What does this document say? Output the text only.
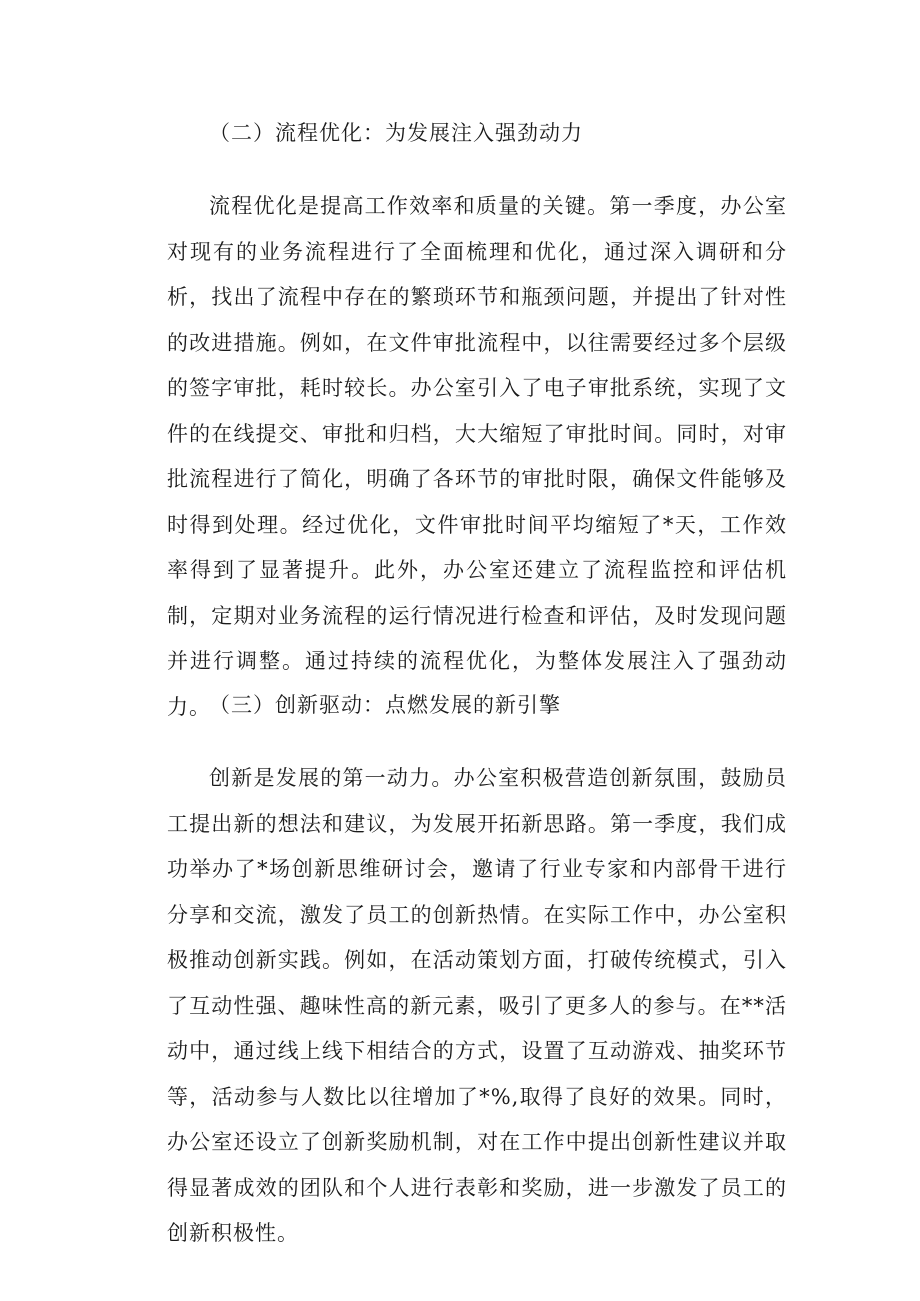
（二）流程优化：为发展注入强劲动力

流程优化是提高工作效率和质量的关键。第一季度，办公室对现有的业务流程进行了全面梳理和优化，通过深入调研和分析，找出了流程中存在的繁琐环节和瓶颈问题，并提出了针对性的改进措施。例如，在文件审批流程中，以往需要经过多个层级的签字审批，耗时较长。办公室引入了电子审批系统，实现了文件的在线提交、审批和归档，大大缩短了审批时间。同时，对审批流程进行了简化，明确了各环节的审批时限，确保文件能够及时得到处理。经过优化，文件审批时间平均缩短了*天，工作效率得到了显著提升。此外，办公室还建立了流程监控和评估机制，定期对业务流程的运行情况进行检查和评估，及时发现问题并进行调整。通过持续的流程优化，为整体发展注入了强劲动力。

（三）创新驱动：点燃发展的新引擎

创新是发展的第一动力。办公室积极营造创新氛围，鼓励员工提出新的想法和建议，为发展开拓新思路。第一季度，我们成功举办了*场创新思维研讨会，邀请了行业专家和内部骨干进行分享和交流，激发了员工的创新热情。在实际工作中，办公室积极推动创新实践。例如，在活动策划方面，打破传统模式，引入了互动性强、趣味性高的新元素，吸引了更多人的参与。在**活动中，通过线上线下相结合的方式，设置了互动游戏、抽奖环节等，活动参与人数比以往增加了*%,取得了良好的效果。同时，办公室还设立了创新奖励机制，对在工作中提出创新性建议并取得显著成效的团队和个人进行表彰和奖励，进一步激发了员工的创新积极性。
